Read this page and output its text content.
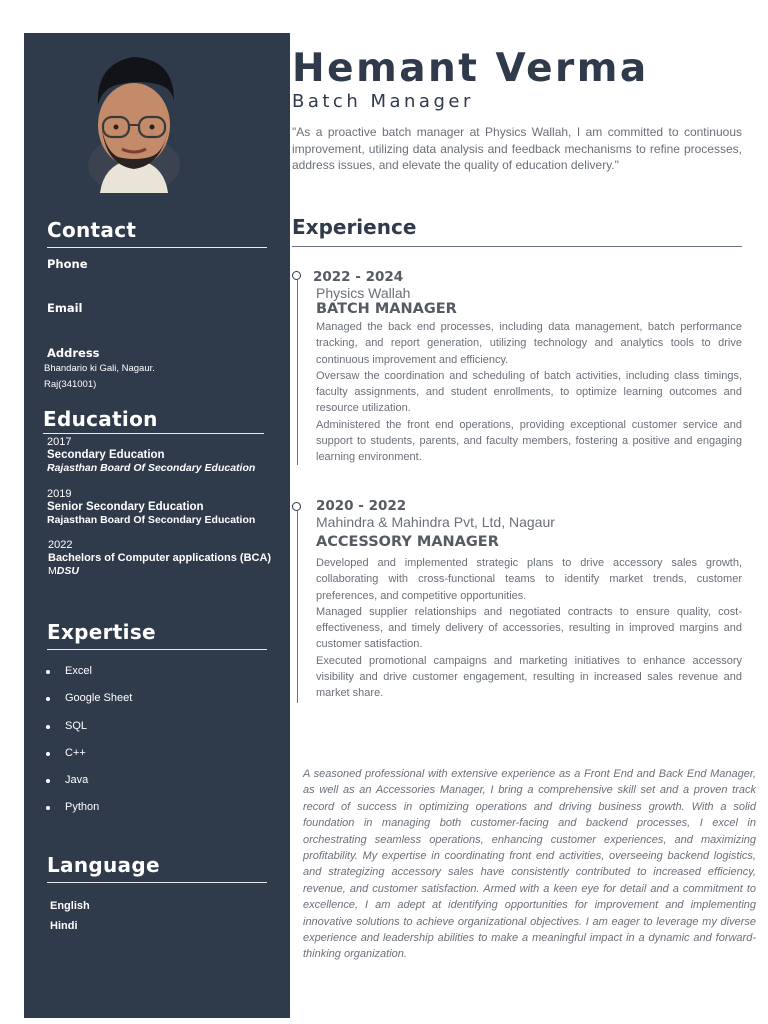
Contact
Phone
Email
Address
Bhandario ki Gali, Nagaur.
Raj(341001)
Education
2017
Secondary Education
Rajasthan Board Of Secondary Education
2019
Senior Secondary Education
Rajasthan Board Of Secondary Education
2022
Bachelors of Computer applications (BCA)
MDSU
Expertise
Excel
Google Sheet
SQL
C++
Java
Python
Language
English
Hindi
Hemant Verma
Batch Manager
"As a proactive batch manager at Physics Wallah, I am committed to continuous improvement, utilizing data analysis and feedback mechanisms to refine processes, address issues, and elevate the quality of education delivery."
Experience
2022 - 2024
Physics Wallah
BATCH MANAGER

Managed the back end processes, including data management, batch performance tracking, and report generation, utilizing technology and analytics tools to drive continuous improvement and efficiency.

Oversaw the coordination and scheduling of batch activities, including class timings, faculty assignments, and student enrollments, to optimize learning outcomes and resource utilization.

Administered the front end operations, providing exceptional customer service and support to students, parents, and faculty members, fostering a positive and engaging learning environment.

2020 - 2022
Mahindra & Mahindra Pvt, Ltd, Nagaur
ACCESSORY MANAGER

Developed and implemented strategic plans to drive accessory sales growth, collaborating with cross-functional teams to identify market trends, customer preferences, and competitive opportunities.

Managed supplier relationships and negotiated contracts to ensure quality, cost-effectiveness, and timely delivery of accessories, resulting in improved margins and customer satisfaction.

Executed promotional campaigns and marketing initiatives to enhance accessory visibility and drive customer engagement, resulting in increased sales revenue and market share.

A seasoned professional with extensive experience as a Front End and Back End Manager, as well as an Accessories Manager, I bring a comprehensive skill set and a proven track record of success in optimizing operations and driving business growth. With a solid foundation in managing both customer-facing and backend processes, I excel in orchestrating seamless operations, enhancing customer experiences, and maximizing profitability. My expertise in coordinating front end activities, overseeing backend logistics, and strategizing accessory sales have consistently contributed to increased efficiency, revenue, and customer satisfaction. Armed with a keen eye for detail and a commitment to excellence, I am adept at identifying opportunities for improvement and implementing innovative solutions to achieve organizational objectives. I am eager to leverage my diverse experience and leadership abilities to make a meaningful impact in a dynamic and forward-thinking organization.
